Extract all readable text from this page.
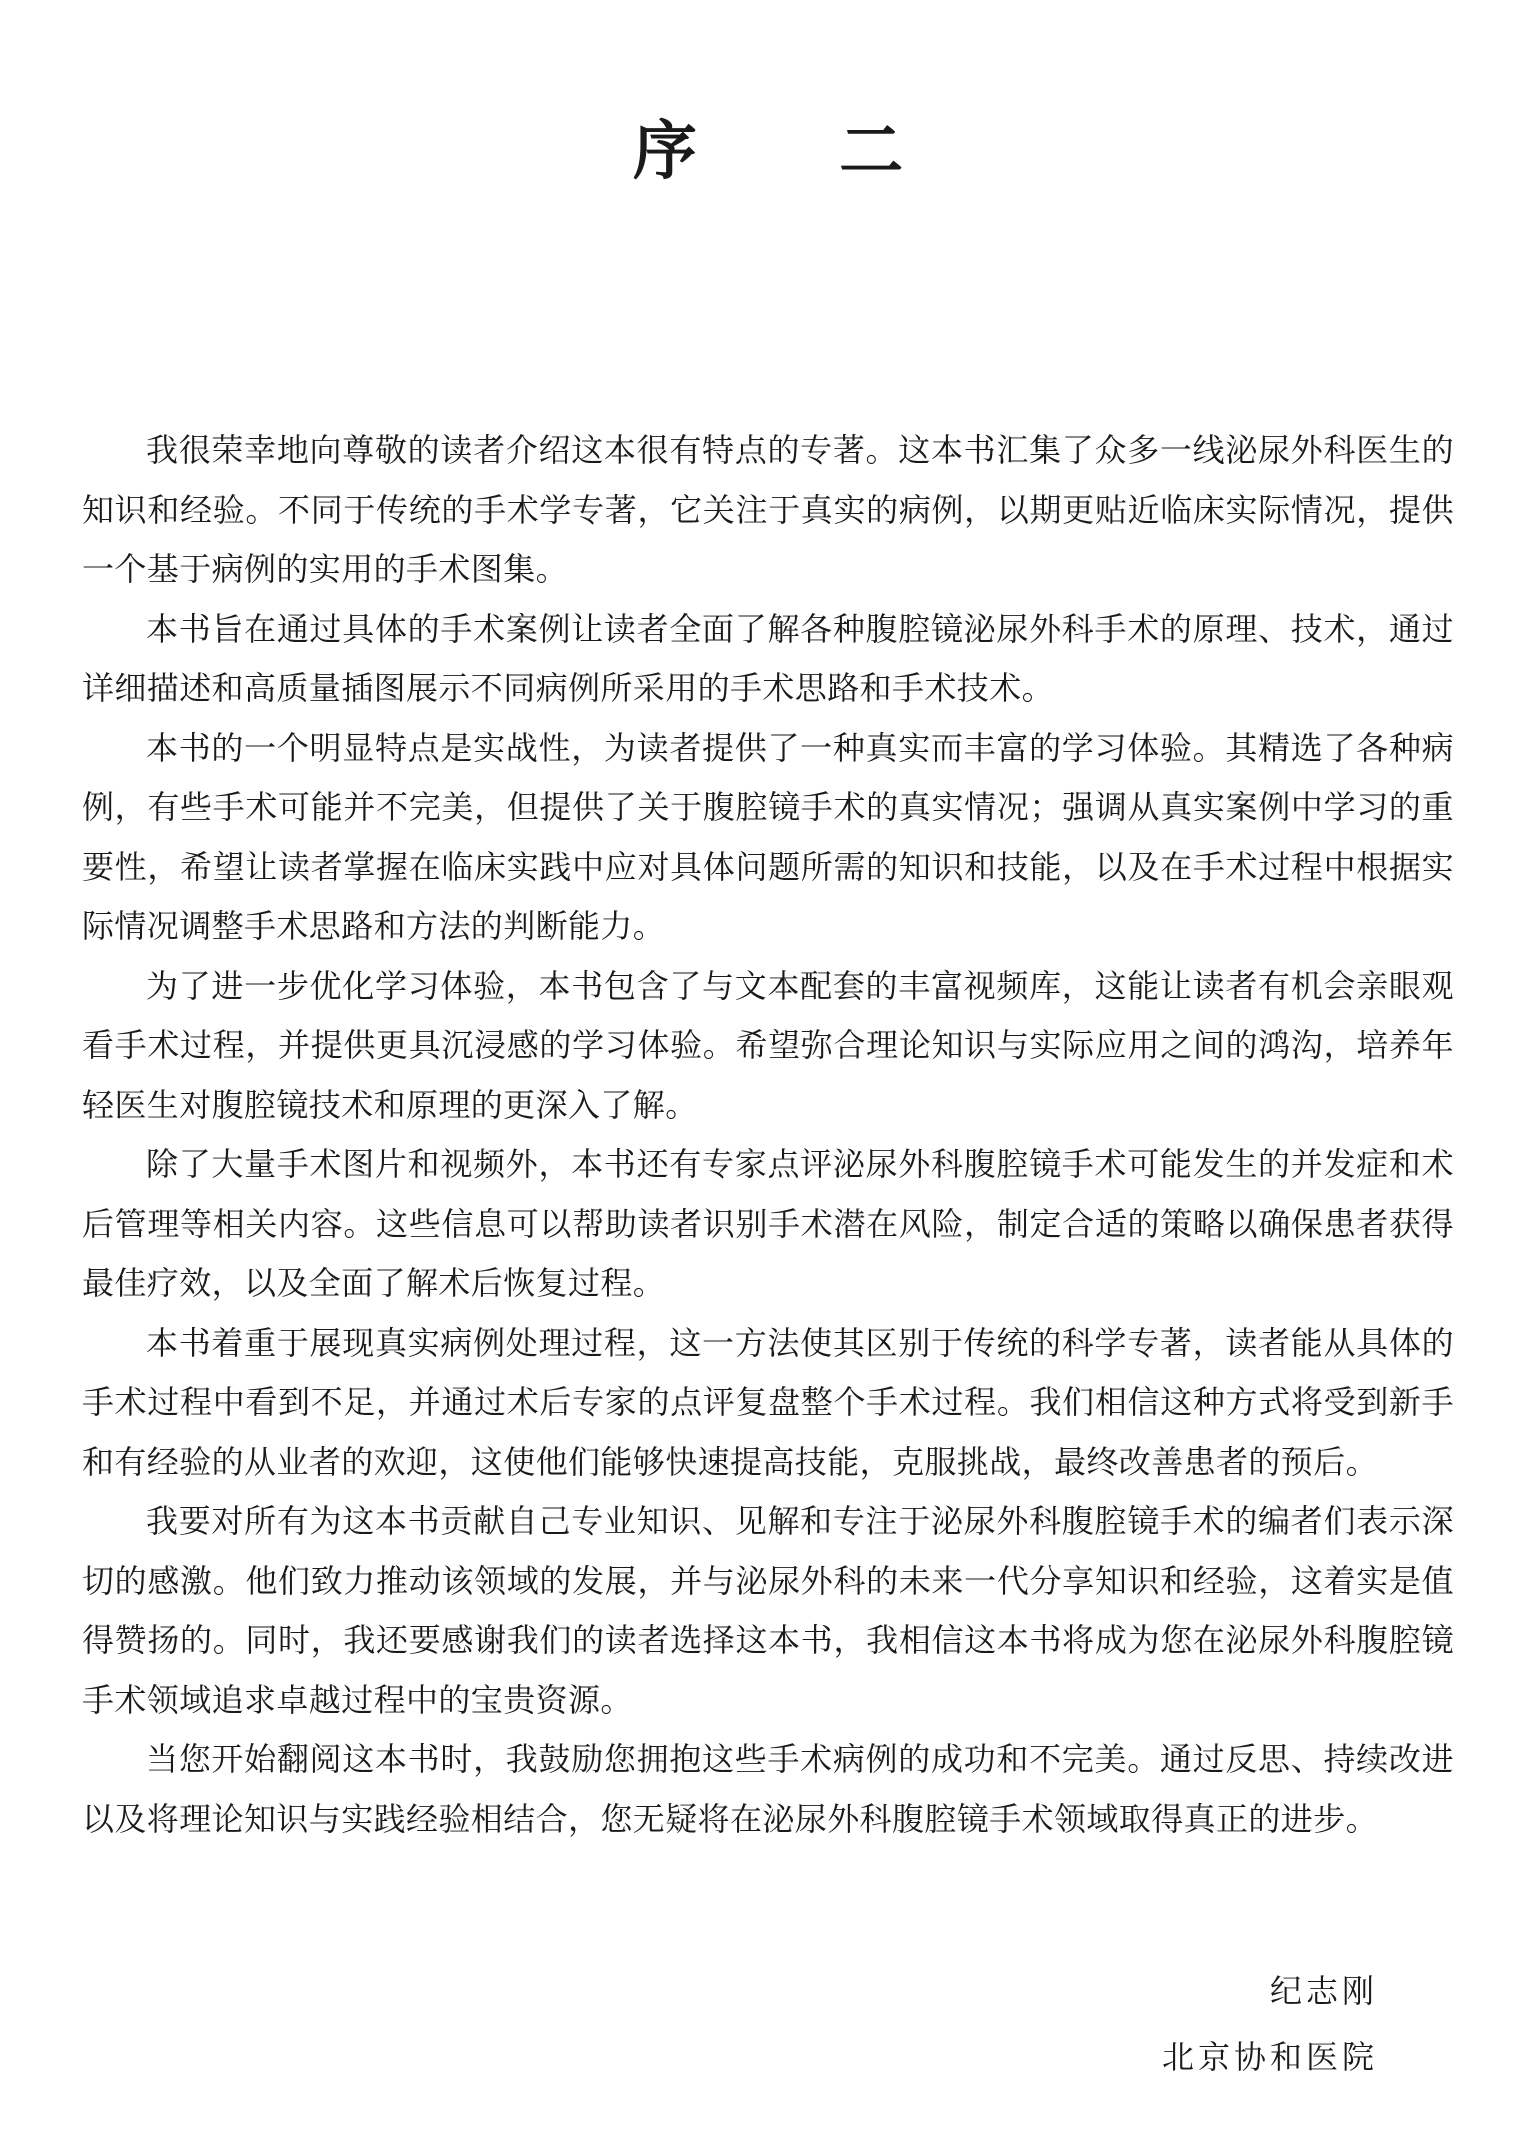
序 二

我很荣幸地向尊敬的读者介绍这本很有特点的专著。这本书汇集了众多一线泌尿外科医生的知识和经验。不同于传统的手术学专著，它关注于真实的病例，以期更贴近临床实际情况，提供一个基于病例的实用的手术图集。

本书旨在通过具体的手术案例让读者全面了解各种腹腔镜泌尿外科手术的原理、技术，通过详细描述和高质量插图展示不同病例所采用的手术思路和手术技术。

本书的一个明显特点是实战性，为读者提供了一种真实而丰富的学习体验。其精选了各种病例，有些手术可能并不完美，但提供了关于腹腔镜手术的真实情况；强调从真实案例中学习的重要性，希望让读者掌握在临床实践中应对具体问题所需的知识和技能，以及在手术过程中根据实际情况调整手术思路和方法的判断能力。

为了进一步优化学习体验，本书包含了与文本配套的丰富视频库，这能让读者有机会亲眼观看手术过程，并提供更具沉浸感的学习体验。希望弥合理论知识与实际应用之间的鸿沟，培养年轻医生对腹腔镜技术和原理的更深入了解。

除了大量手术图片和视频外，本书还有专家点评泌尿外科腹腔镜手术可能发生的并发症和术后管理等相关内容。这些信息可以帮助读者识别手术潜在风险，制定合适的策略以确保患者获得最佳疗效，以及全面了解术后恢复过程。

本书着重于展现真实病例处理过程，这一方法使其区别于传统的科学专著，读者能从具体的手术过程中看到不足，并通过术后专家的点评复盘整个手术过程。我们相信这种方式将受到新手和有经验的从业者的欢迎，这使他们能够快速提高技能，克服挑战，最终改善患者的预后。

我要对所有为这本书贡献自己专业知识、见解和专注于泌尿外科腹腔镜手术的编者们表示深切的感激。他们致力推动该领域的发展，并与泌尿外科的未来一代分享知识和经验，这着实是值得赞扬的。同时，我还要感谢我们的读者选择这本书，我相信这本书将成为您在泌尿外科腹腔镜手术领域追求卓越过程中的宝贵资源。

当您开始翻阅这本书时，我鼓励您拥抱这些手术病例的成功和不完美。通过反思、持续改进以及将理论知识与实践经验相结合，您无疑将在泌尿外科腹腔镜手术领域取得真正的进步。

纪志刚
北京协和医院
